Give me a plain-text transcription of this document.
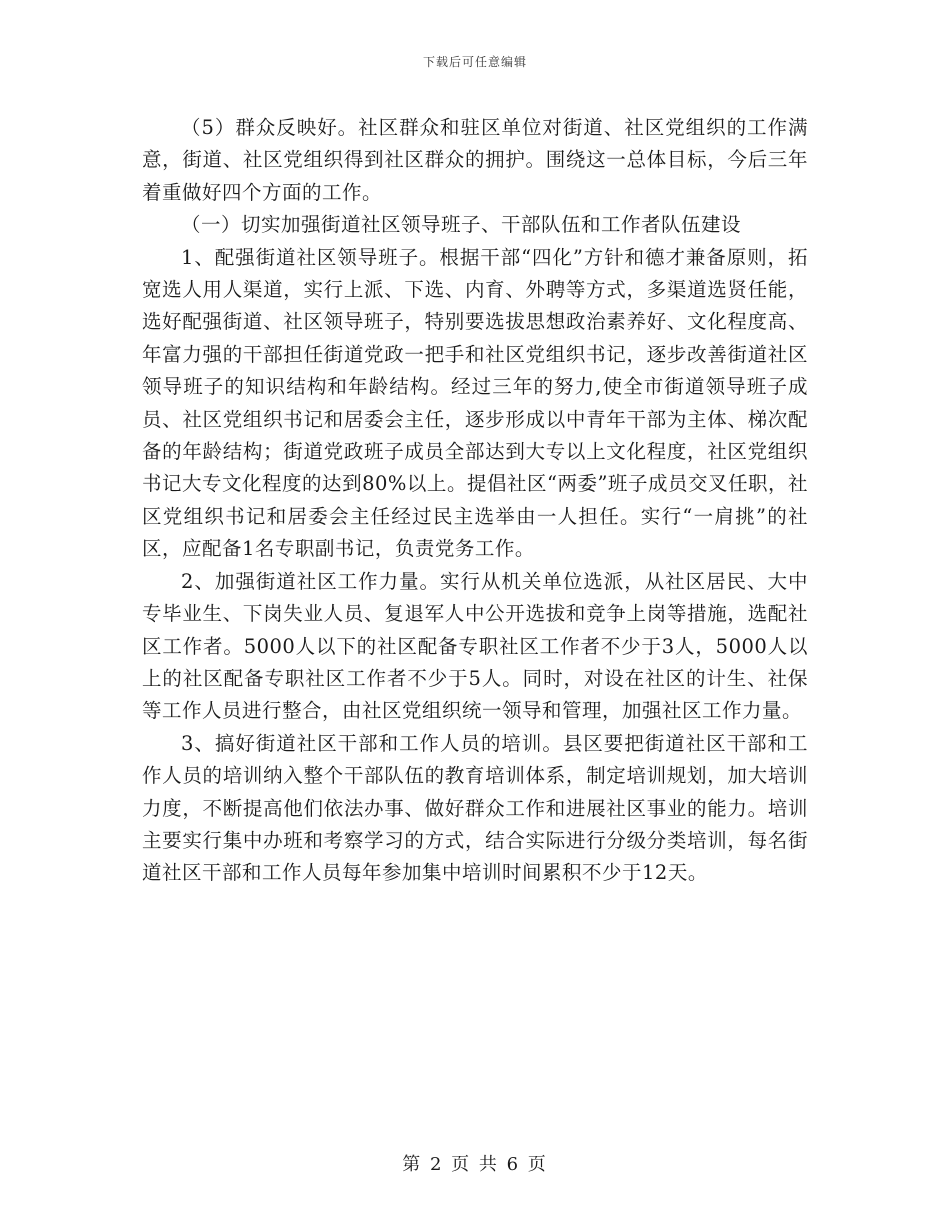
下载后可任意编辑

（5）群众反映好。社区群众和驻区单位对街道、社区党组织的工作满意，街道、社区党组织得到社区群众的拥护。围绕这一总体目标，今后三年着重做好四个方面的工作。

（一）切实加强街道社区领导班子、干部队伍和工作者队伍建设

1、配强街道社区领导班子。根据干部“四化”方针和德才兼备原则，拓宽选人用人渠道，实行上派、下选、内育、外聘等方式，多渠道选贤任能，选好配强街道、社区领导班子，特别要选拔思想政治素养好、文化程度高、年富力强的干部担任街道党政一把手和社区党组织书记，逐步改善街道社区领导班子的知识结构和年龄结构。经过三年的努力,使全市街道领导班子成员、社区党组织书记和居委会主任，逐步形成以中青年干部为主体、梯次配备的年龄结构；街道党政班子成员全部达到大专以上文化程度，社区党组织书记大专文化程度的达到80%以上。提倡社区“两委”班子成员交叉任职，社区党组织书记和居委会主任经过民主选举由一人担任。实行“一肩挑”的社区，应配备1名专职副书记，负责党务工作。

2、加强街道社区工作力量。实行从机关单位选派，从社区居民、大中专毕业生、下岗失业人员、复退军人中公开选拔和竞争上岗等措施，选配社区工作者。5000人以下的社区配备专职社区工作者不少于3人，5000人以上的社区配备专职社区工作者不少于5人。同时，对设在社区的计生、社保等工作人员进行整合，由社区党组织统一领导和管理，加强社区工作力量。

3、搞好街道社区干部和工作人员的培训。县区要把街道社区干部和工作人员的培训纳入整个干部队伍的教育培训体系，制定培训规划，加大培训力度，不断提高他们依法办事、做好群众工作和进展社区事业的能力。培训主要实行集中办班和考察学习的方式，结合实际进行分级分类培训，每名街道社区干部和工作人员每年参加集中培训时间累积不少于12天。

第 2 页 共 6 页
